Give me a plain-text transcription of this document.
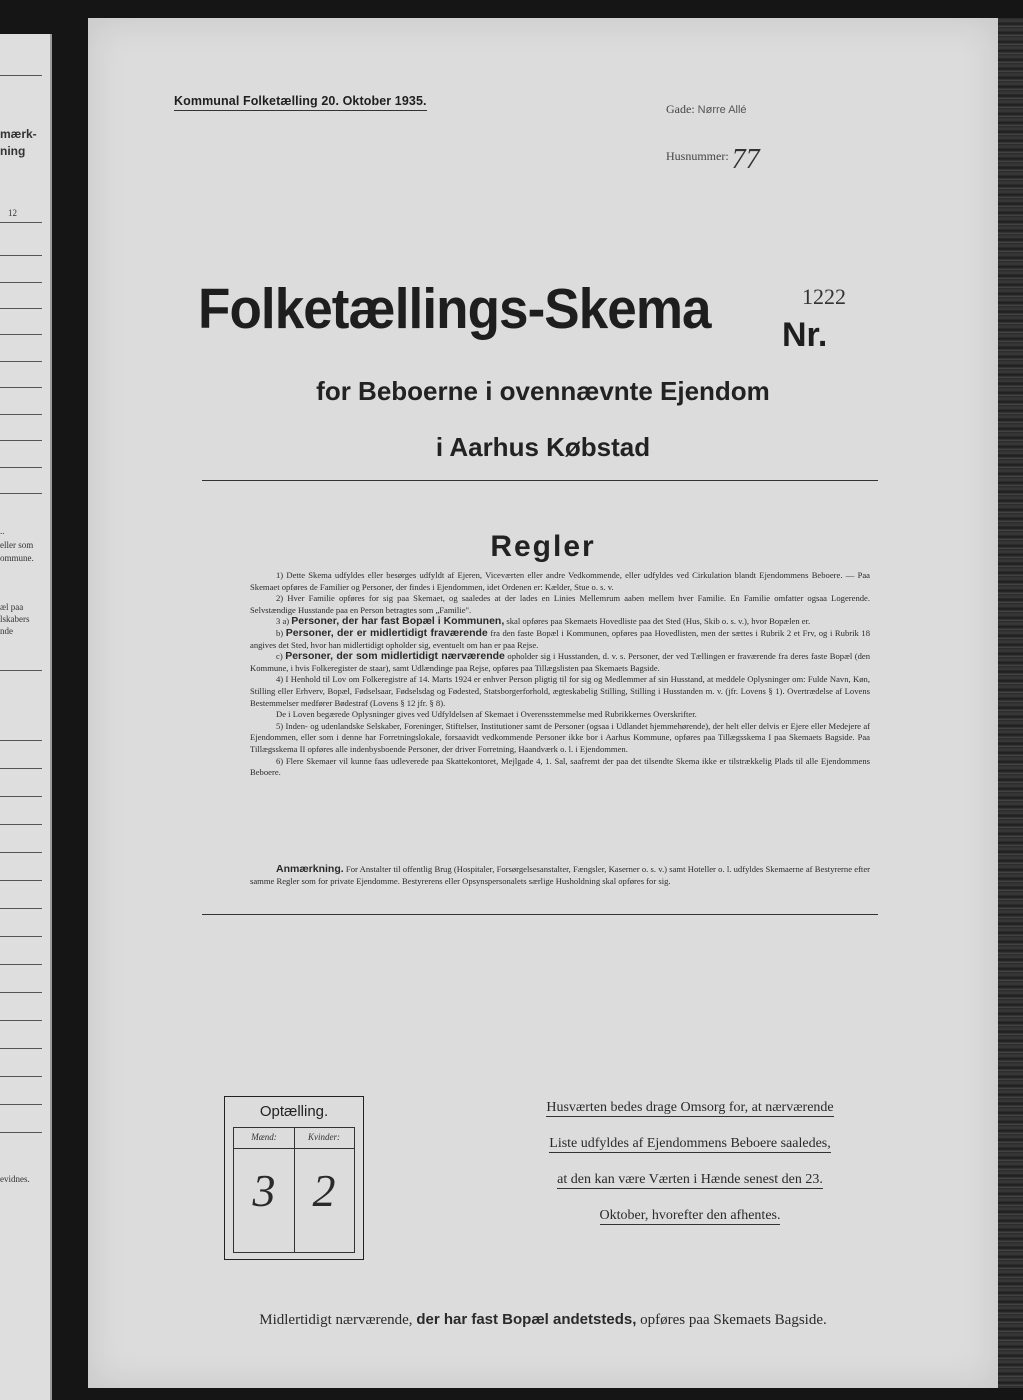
mærk-
ning
12
..
eller som
ommune.
æl paa
lskabers
nde
evidnes.
Kommunal Folketælling 20. Oktober 1935.
Gade: Nørre Allé
Husnummer: 77
1222
Folketællings-Skema Nr.
for Beboerne i ovennævnte Ejendom
i Aarhus Købstad
Regler

1) Dette Skema udfyldes eller besørges udfyldt af Ejeren, Viceværten eller andre Vedkommende, eller udfyldes ved Cirkulation blandt Ejendommens Beboere. — Paa Skemaet opføres de Familier og Personer, der findes i Ejendommen, idet Ordenen er: Kælder, Stue o. s. v.

2) Hver Familie opføres for sig paa Skemaet, og saaledes at der lades en Linies Mellemrum aaben mellem hver Familie. En Familie omfatter ogsaa Logerende. Selvstændige Husstande paa en Person betragtes som „Familie".

3 a) Personer, der har fast Bopæl i Kommunen, skal opføres paa Skemaets Hovedliste paa det Sted (Hus, Skib o. s. v.), hvor Bopælen er.

b) Personer, der er midlertidigt fraværende fra den faste Bopæl i Kommunen, opføres paa Hovedlisten, men der sættes i Rubrik 2 et Frv, og i Rubrik 18 angives det Sted, hvor han midlertidigt opholder sig, eventuelt om han er paa Rejse.

c) Personer, der som midlertidigt nærværende opholder sig i Husstanden, d. v. s. Personer, der ved Tællingen er fraværende fra deres faste Bopæl (den Kommune, i hvis Folkeregister de staar), samt Udlændinge paa Rejse, opføres paa Tillægslisten paa Skemaets Bagside.

4) I Henhold til Lov om Folkeregistre af 14. Marts 1924 er enhver Person pligtig til for sig og Medlemmer af sin Husstand, at meddele Oplysninger om: Fulde Navn, Køn, Stilling eller Erhverv, Bopæl, Fødselsaar, Fødselsdag og Fødested, Statsborgerforhold, ægteskabelig Stilling, Stilling i Husstanden m. v. (jfr. Lovens § 1). Overtrædelse af Lovens Bestemmelser medfører Bødestraf (Lovens § 12 jfr. § 8).

De i Loven begærede Oplysninger gives ved Udfyldelsen af Skemaet i Overensstemmelse med Rubrikkernes Overskrifter.

5) Inden- og udenlandske Selskaber, Foreninger, Stiftelser, Institutioner samt de Personer (ogsaa i Udlandet hjemmehørende), der helt eller delvis er Ejere eller Medejere af Ejendommen, eller som i denne har Forretningslokale, forsaavidt vedkommende Personer ikke bor i Aarhus Kommune, opføres paa Tillægsskema I paa Skemaets Bagside. Paa Tillægsskema II opføres alle indenbysboende Personer, der driver Forretning, Haandværk o. l. i Ejendommen.

6) Flere Skemaer vil kunne faas udleverede paa Skattekontoret, Mejlgade 4, 1. Sal, saafremt der paa det tilsendte Skema ikke er tilstrækkelig Plads til alle Ejendommens Beboere.

Anmærkning. For Anstalter til offentlig Brug (Hospitaler, Forsørgelsesanstalter, Fængsler, Kaserner o. s. v.) samt Hoteller o. l. udfyldes Skemaerne af Bestyrerne efter samme Regler som for private Ejendomme. Bestyrerens eller Opsynspersonalets særlige Husholdning skal opføres for sig.
Optælling.
Mænd:	Kvinder:
3 2
Husværten bedes drage Omsorg for, at nærværende
Liste udfyldes af Ejendommens Beboere saaledes,
at den kan være Værten i Hænde senest den 23.
Oktober, hvorefter den afhentes.
Midlertidigt nærværende, der har fast Bopæl andetsteds, opføres paa Skemaets Bagside.
